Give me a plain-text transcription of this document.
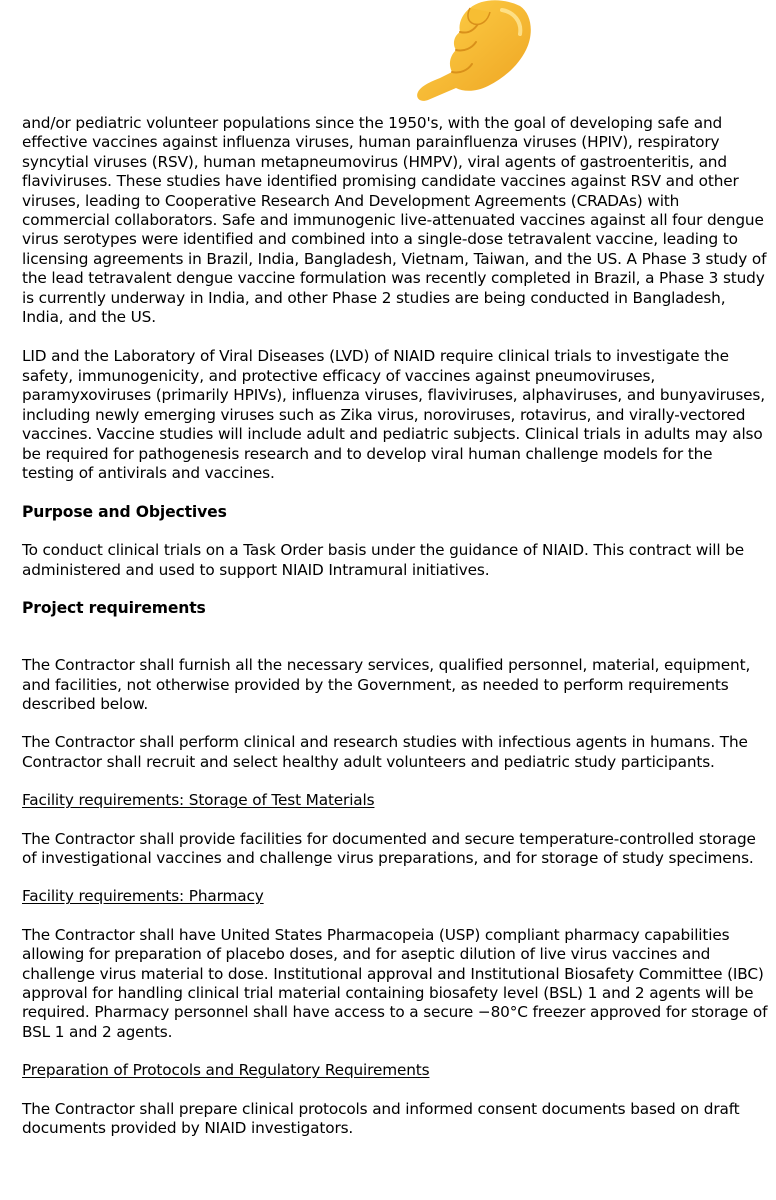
and/or pediatric volunteer populations since the 1950's, with the goal of developing safe and effective vaccines against influenza viruses, human parainfluenza viruses (HPIV), respiratory syncytial viruses (RSV), human metapneumovirus (HMPV), viral agents of gastroenteritis, and flaviviruses. These studies have identified promising candidate vaccines against RSV and other viruses, leading to Cooperative Research And Development Agreements (CRADAs) with commercial collaborators. Safe and immunogenic live-attenuated vaccines against all four dengue virus serotypes were identified and combined into a single-dose tetravalent vaccine, leading to licensing agreements in Brazil, India, Bangladesh, Vietnam, Taiwan, and the US. A Phase 3 study of the lead tetravalent dengue vaccine formulation was recently completed in Brazil, a Phase 3 study is currently underway in India, and other Phase 2 studies are being conducted in Bangladesh, India, and the US.

LID and the Laboratory of Viral Diseases (LVD) of NIAID require clinical trials to investigate the safety, immunogenicity, and protective efficacy of vaccines against pneumoviruses, paramyxoviruses (primarily HPIVs), influenza viruses, flaviviruses, alphaviruses, and bunyaviruses, including newly emerging viruses such as Zika virus, noroviruses, rotavirus, and virally-vectored vaccines. Vaccine studies will include adult and pediatric subjects. Clinical trials in adults may also be required for pathogenesis research and to develop viral human challenge models for the testing of antivirals and vaccines.

Purpose and Objectives

To conduct clinical trials on a Task Order basis under the guidance of NIAID. This contract will be administered and used to support NIAID Intramural initiatives.

Project requirements

The Contractor shall furnish all the necessary services, qualified personnel, material, equipment, and facilities, not otherwise provided by the Government, as needed to perform requirements described below.

The Contractor shall perform clinical and research studies with infectious agents in humans. The Contractor shall recruit and select healthy adult volunteers and pediatric study participants.

Facility requirements: Storage of Test Materials

The Contractor shall provide facilities for documented and secure temperature-controlled storage of investigational vaccines and challenge virus preparations, and for storage of study specimens.

Facility requirements: Pharmacy

The Contractor shall have United States Pharmacopeia (USP) compliant pharmacy capabilities allowing for preparation of placebo doses, and for aseptic dilution of live virus vaccines and challenge virus material to dose. Institutional approval and Institutional Biosafety Committee (IBC) approval for handling clinical trial material containing biosafety level (BSL) 1 and 2 agents will be required. Pharmacy personnel shall have access to a secure −80°C freezer approved for storage of BSL 1 and 2 agents.

Preparation of Protocols and Regulatory Requirements

The Contractor shall prepare clinical protocols and informed consent documents based on draft documents provided by NIAID investigators.
